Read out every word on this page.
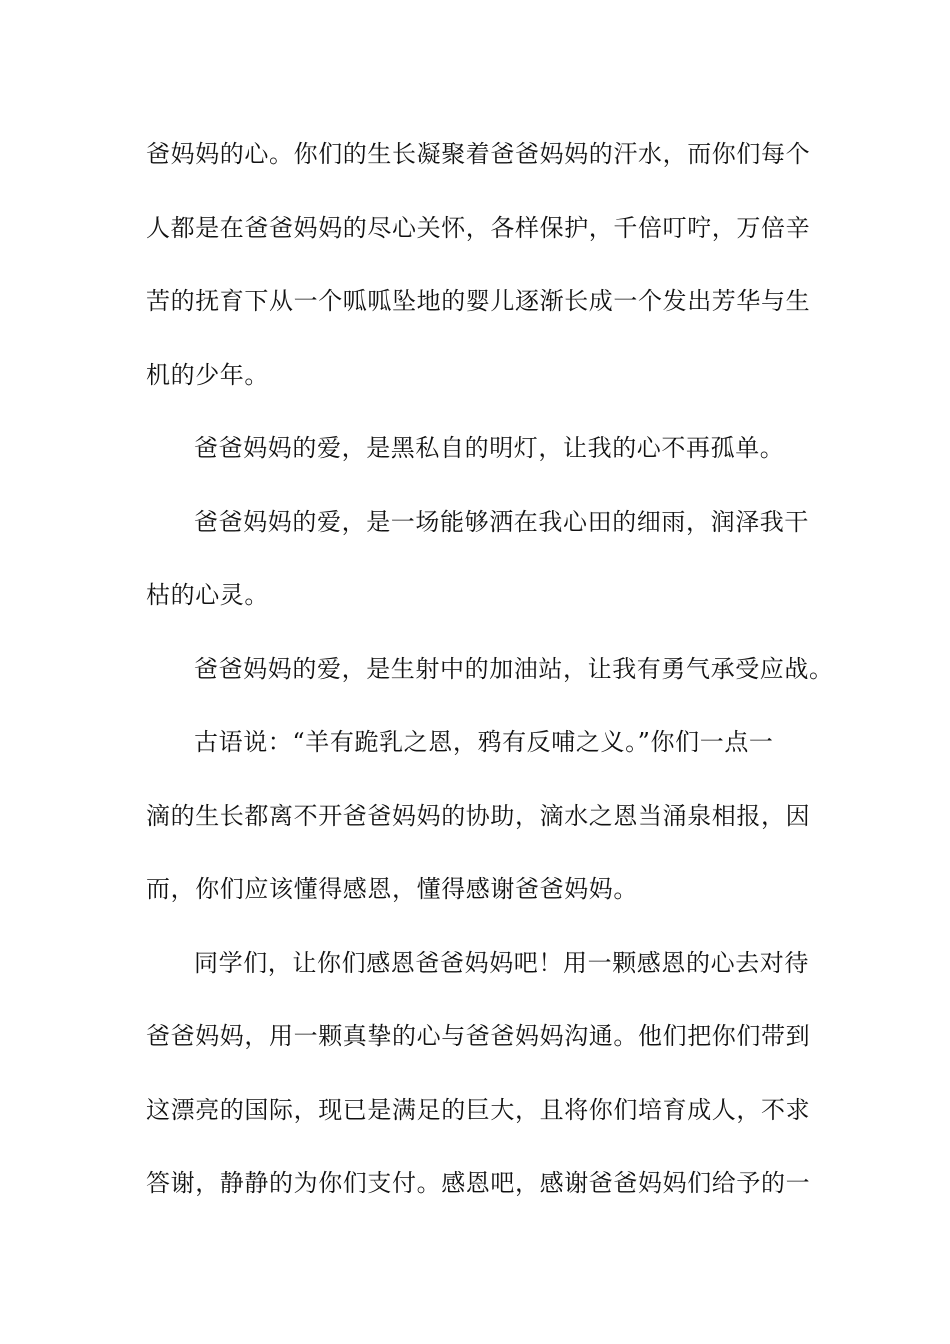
爸妈妈的心。你们的生长凝聚着爸爸妈妈的汗水，而你们每个
人都是在爸爸妈妈的尽心关怀，各样保护，千倍叮咛，万倍辛
苦的抚育下从一个呱呱坠地的婴儿逐渐长成一个发出芳华与生
机的少年。
爸爸妈妈的爱，是黑私自的明灯，让我的心不再孤单。
爸爸妈妈的爱，是一场能够洒在我心田的细雨，润泽我干
枯的心灵。
爸爸妈妈的爱，是生射中的加油站，让我有勇气承受应战。
古语说：“羊有跪乳之恩，鸦有反哺之义。”你们一点一
滴的生长都离不开爸爸妈妈的协助，滴水之恩当涌泉相报，因
而，你们应该懂得感恩，懂得感谢爸爸妈妈。
同学们，让你们感恩爸爸妈妈吧！用一颗感恩的心去对待
爸爸妈妈，用一颗真挚的心与爸爸妈妈沟通。他们把你们带到
这漂亮的国际，现已是满足的巨大，且将你们培育成人，不求
答谢，静静的为你们支付。感恩吧，感谢爸爸妈妈们给予的一
